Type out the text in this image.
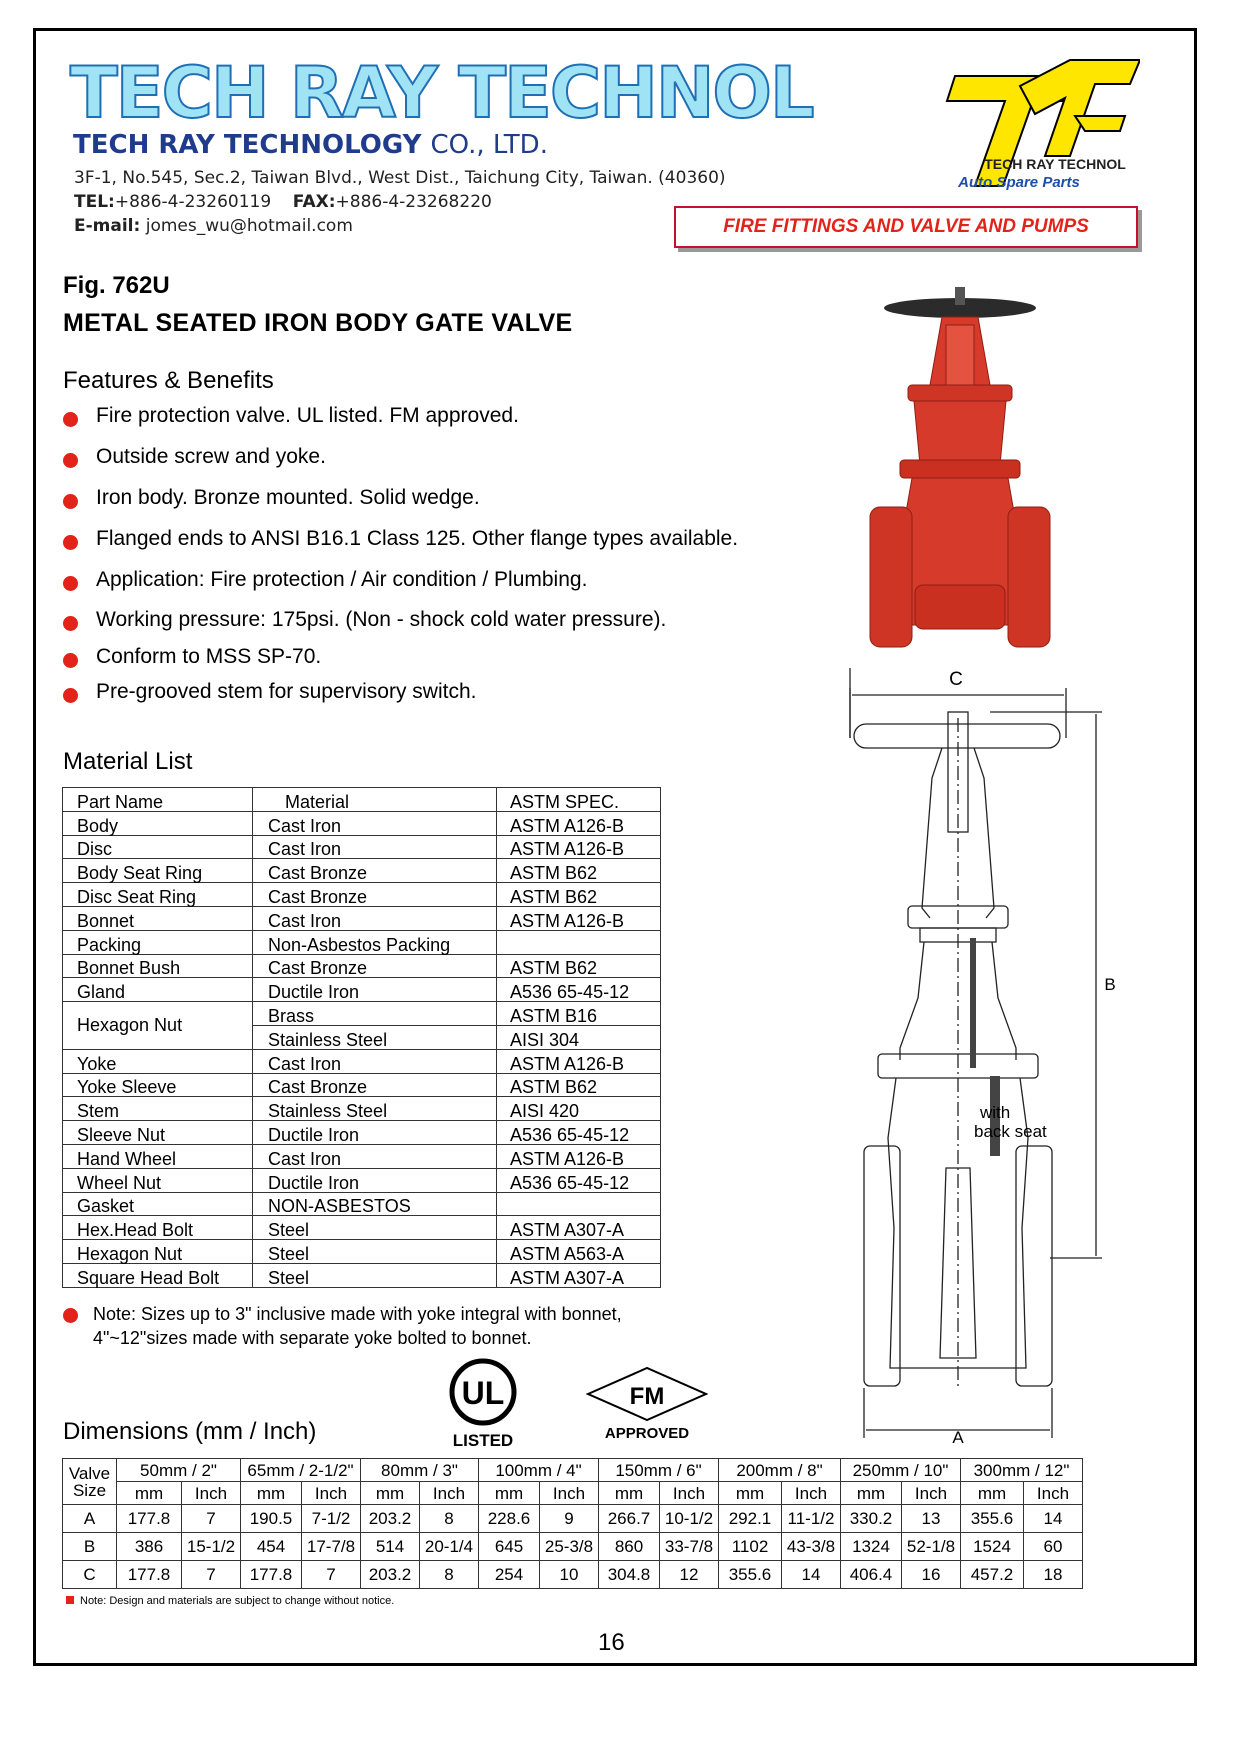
TECH RAY TECHNOL
TECH RAY TECHNOLOGY CO., LTD.
3F-1, No.545, Sec.2, Taiwan Blvd., West Dist., Taichung City, Taiwan. (40360)
TEL:+886-4-23260119 FAX:+886-4-23268220
E-mail: jomes_wu@hotmail.com
TECH RAY TECHNOL
Auto Spare Parts
FIRE FITTINGS AND VALVE AND PUMPS
Fig. 762U
METAL SEATED IRON BODY GATE VALVE
Features & Benefits
Fire protection valve. UL listed. FM approved.
Outside screw and yoke.
Iron body. Bronze mounted. Solid wedge.
Flanged ends to ANSI B16.1 Class 125. Other flange types available.
Application: Fire protection / Air condition / Plumbing.
Working pressure: 175psi. (Non - shock cold water pressure).
Conform to MSS SP-70.
Pre-grooved stem for supervisory switch.
C
B
A
with
back seat
Material List
Part Name	Material	ASTM SPEC.
Body	Cast Iron	ASTM A126-B
Disc	Cast Iron	ASTM A126-B
Body Seat Ring	Cast Bronze	ASTM B62
Disc Seat Ring	Cast Bronze	ASTM B62
Bonnet	Cast Iron	ASTM A126-B
Packing	Non-Asbestos Packing	
Bonnet Bush	Cast Bronze	ASTM B62
Gland	Ductile Iron	A536 65-45-12
Hexagon Nut	Brass	ASTM B16
	Stainless Steel	AISI 304
Yoke	Cast Iron	ASTM A126-B
Yoke Sleeve	Cast Bronze	ASTM B62
Stem	Stainless Steel	AISI 420
Sleeve Nut	Ductile Iron	A536 65-45-12
Hand Wheel	Cast Iron	ASTM A126-B
Wheel Nut	Ductile Iron	A536 65-45-12
Gasket	NON-ASBESTOS	
Hex.Head Bolt	Steel	ASTM A307-A
Hexagon Nut	Steel	ASTM A563-A
Square Head Bolt	Steel	ASTM A307-A
Note: Sizes up to 3" inclusive made with yoke integral with bonnet,
4"~12"sizes made with separate yoke bolted to bonnet.
UL
LISTED
FM
APPROVED
Dimensions (mm / Inch)
Valve
Size	50mm / 2"		65mm / 2-1/2"		80mm / 3"		100mm / 4"		150mm / 6"		200mm / 8"		250mm / 10"		300mm / 12"	
	mm	Inch	mm	Inch	mm	Inch	mm	Inch	mm	Inch	mm	Inch	mm	Inch	mm	Inch
A	177.8	7	190.5	7-1/2	203.2	8	228.6	9	266.7	10-1/2	292.1	11-1/2	330.2	13	355.6	14
B	386	15-1/2	454	17-7/8	514	20-1/4	645	25-3/8	860	33-7/8	1102	43-3/8	1324	52-1/8	1524	60
C	177.8	7	177.8	7	203.2	8	254	10	304.8	12	355.6	14	406.4	16	457.2	18
Note: Design and materials are subject to change without notice.
16
